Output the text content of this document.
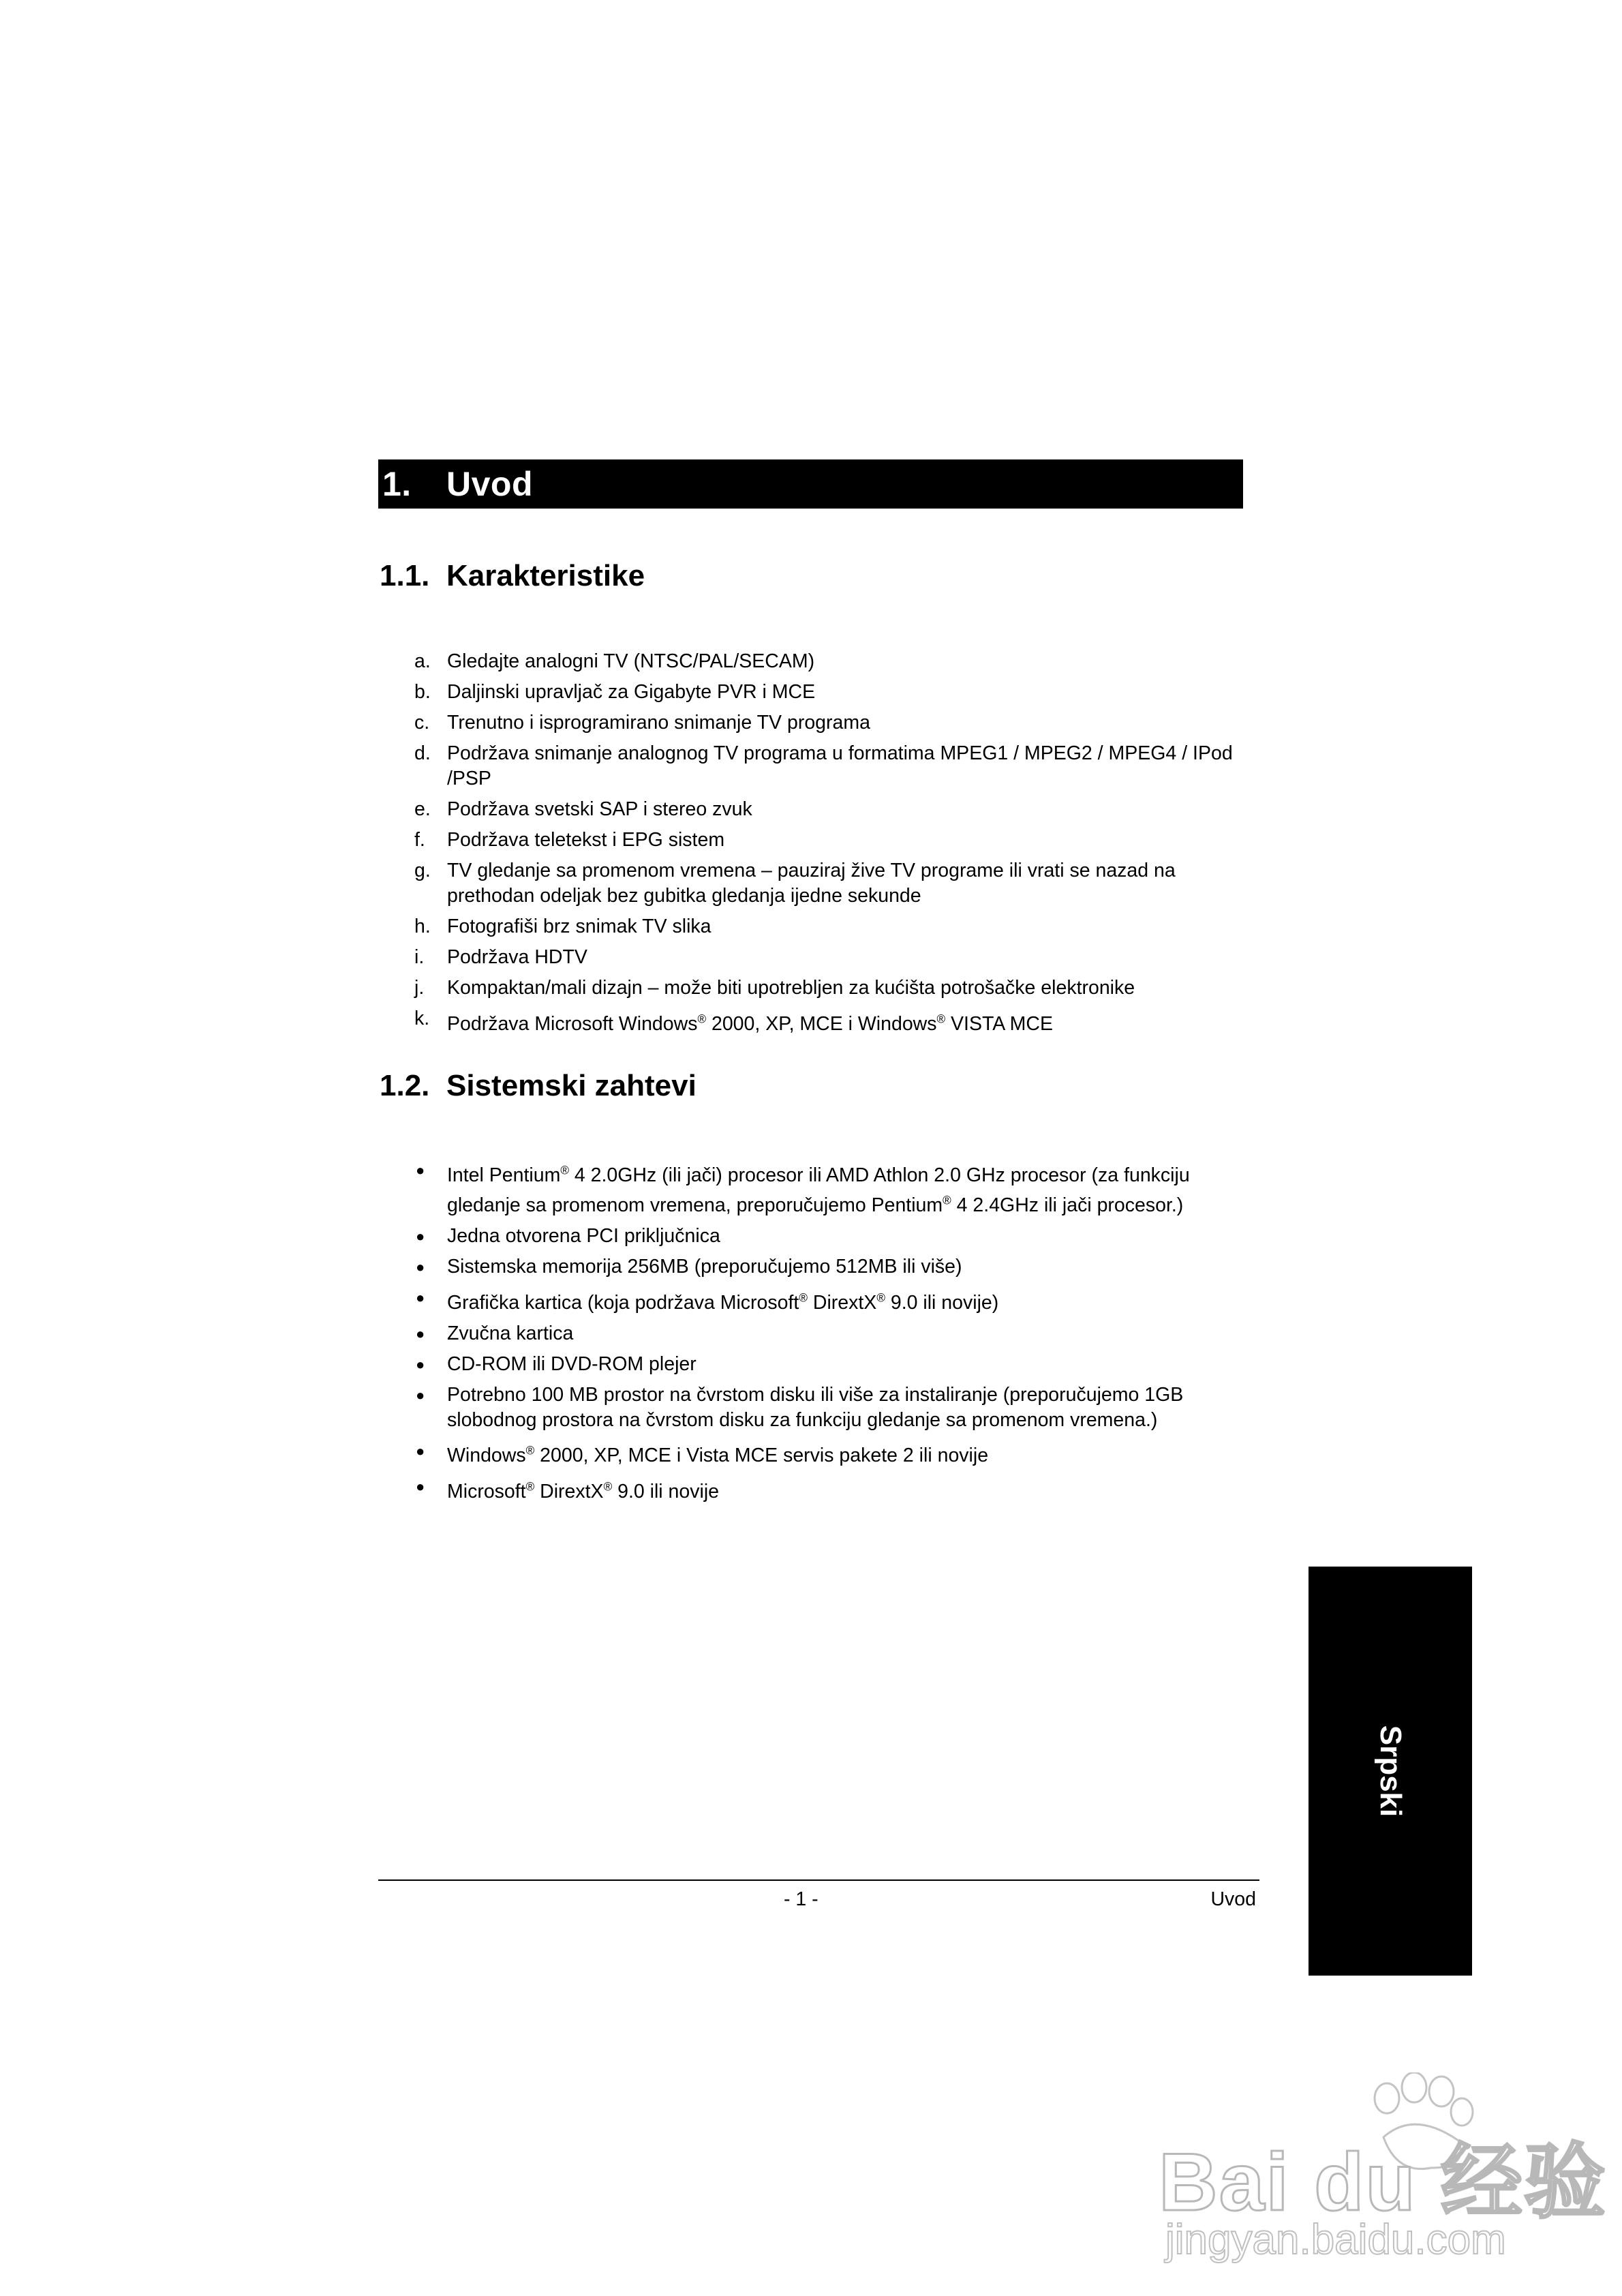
1. Uvod
1.1. Karakteristike
a. Gledajte analogni TV (NTSC/PAL/SECAM)
b. Daljinski upravljač za Gigabyte PVR i MCE
c. Trenutno i isprogramirano snimanje TV programa
d. Podržava snimanje analognog TV programa u formatima MPEG1 / MPEG2 / MPEG4 / IPod /PSP
e. Podržava svetski SAP i stereo zvuk
f. Podržava teletekst i EPG sistem
g. TV gledanje sa promenom vremena – pauziraj žive TV programe ili vrati se nazad na prethodan odeljak bez gubitka gledanja ijedne sekunde
h. Fotografiši brz snimak TV slika
i. Podržava HDTV
j. Kompaktan/mali dizajn – može biti upotrebljen za kućišta potrošačke elektronike
k. Podržava Microsoft Windows® 2000, XP, MCE i Windows® VISTA MCE
1.2. Sistemski zahtevi
● Intel Pentium® 4 2.0GHz (ili jači) procesor ili AMD Athlon 2.0 GHz procesor (za funkciju gledanje sa promenom vremena, preporučujemo Pentium® 4 2.4GHz ili jači procesor.)
● Jedna otvorena PCI priključnica
● Sistemska memorija 256MB (preporučujemo 512MB ili više)
● Grafička kartica (koja podržava Microsoft® DirextX® 9.0 ili novije)
● Zvučna kartica
● CD-ROM ili DVD-ROM plejer
● Potrebno 100 MB prostor na čvrstom disku ili više za instaliranje (preporučujemo 1GB slobodnog prostora na čvrstom disku za funkciju gledanje sa promenom vremena.)
● Windows® 2000, XP, MCE i Vista MCE servis pakete 2 ili novije
● Microsoft® DirextX® 9.0 ili novije
- 1 -	Uvod
Srpski
Bai du 经验
jingyan.baidu.com
